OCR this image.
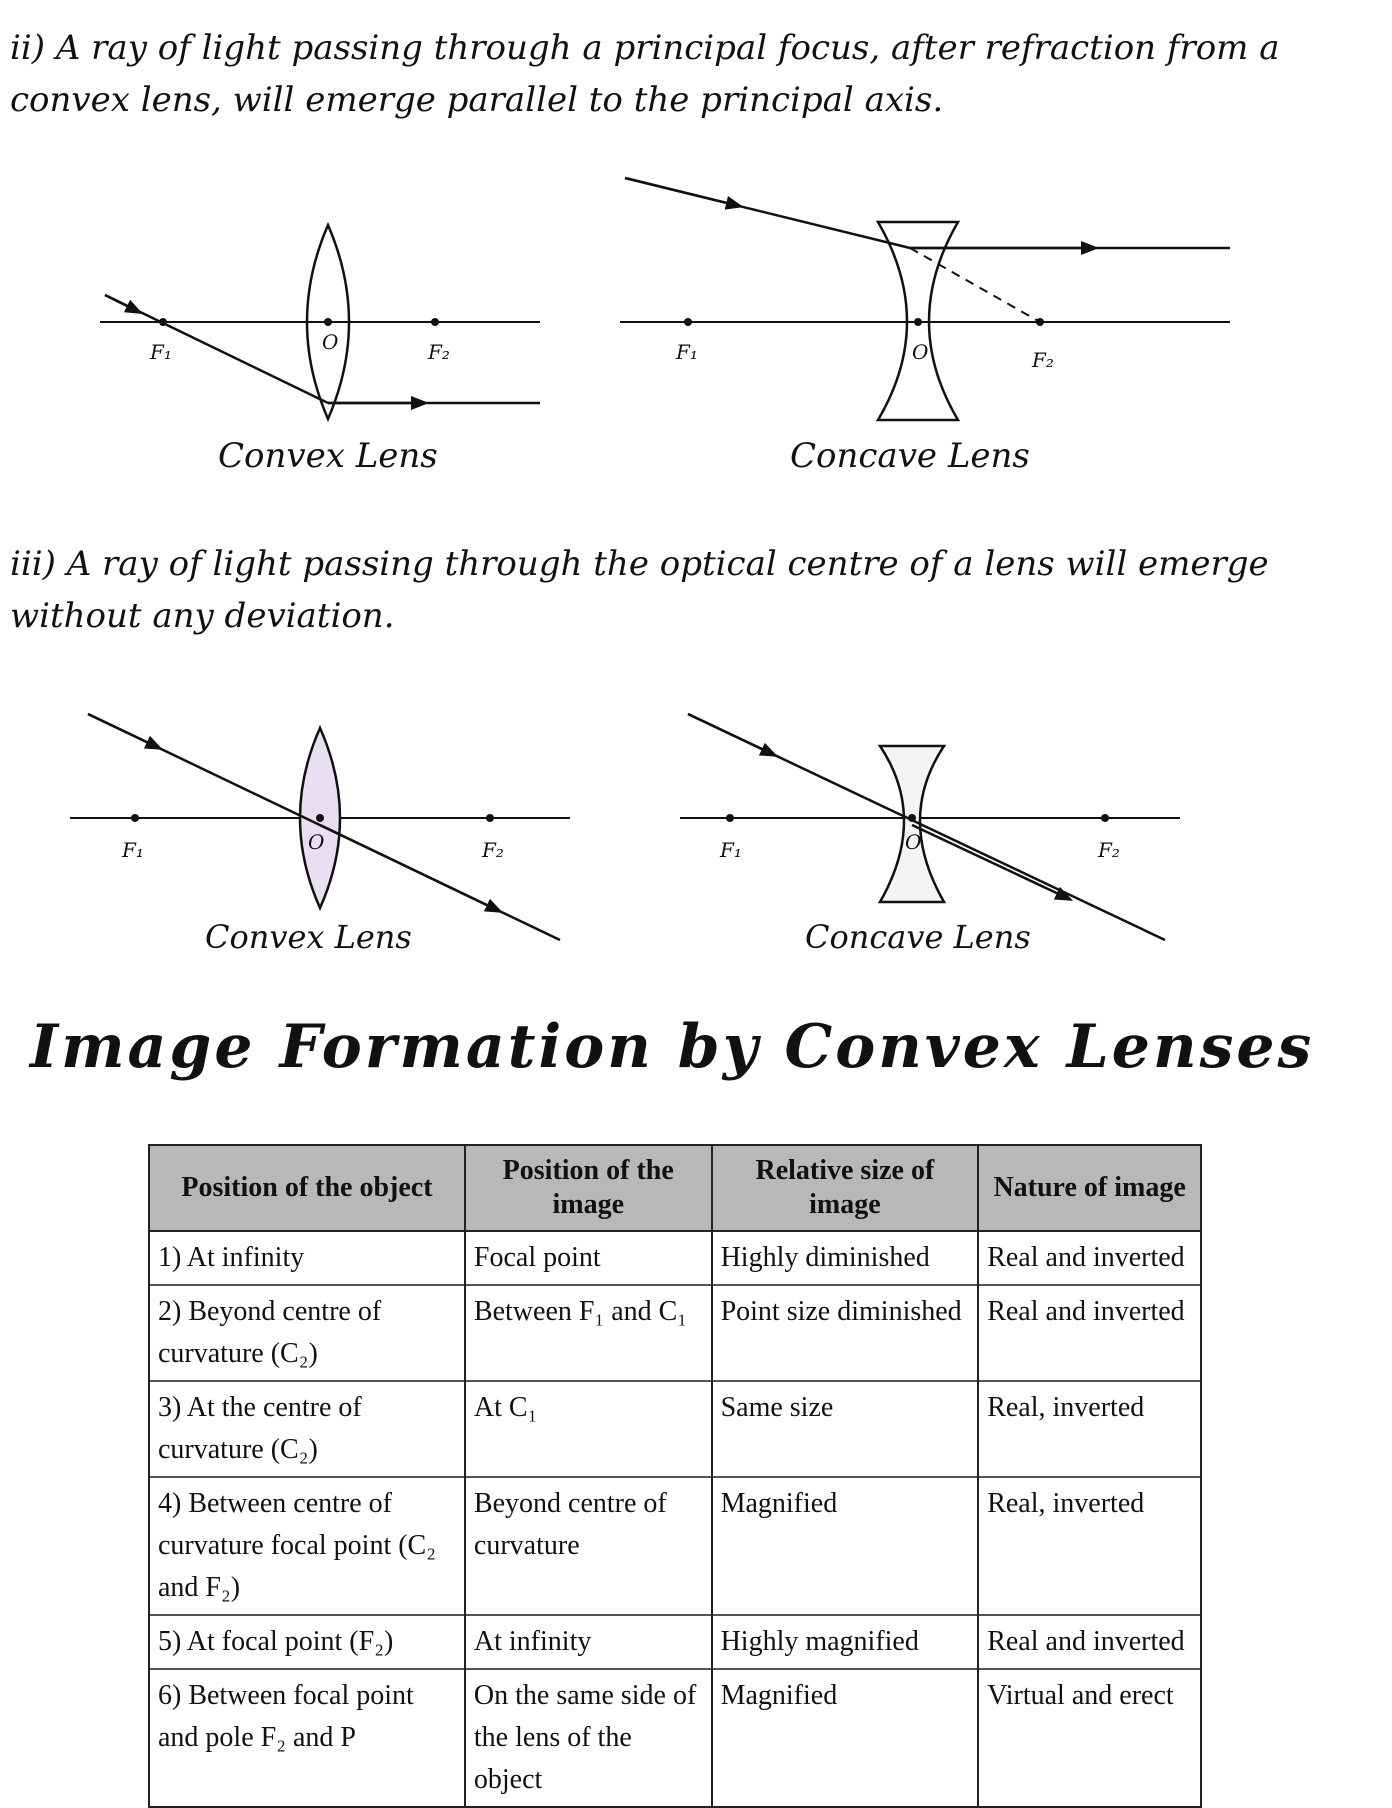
ii) A ray of light passing through a principal focus, after refraction from a convex lens, will emerge parallel to the principal axis.
F₁	O	F₂
Convex Lens
F₁	O	F₂
Concave Lens
iii) A ray of light passing through the optical centre of a lens will emerge without any deviation.
F₁	O	F₂
Convex Lens
F₁	O	F₂
Concave Lens
Image Formation by Convex Lenses
Position of the object	Position of the image	Relative size of image	Nature of image
1) At infinity	Focal point	Highly diminished	Real and inverted
2) Beyond centre of curvature (C₂)	Between F₁ and C₁	Point size diminished	Real and inverted
3) At the centre of curvature (C₂)	At C₁	Same size	Real, inverted
4) Between centre of curvature focal point (C₂ and F₂)	Beyond centre of curvature	Magnified	Real, inverted
5) At focal point (F₂)	At infinity	Highly magnified	Real and inverted
6) Between focal point and pole F₂ and P	On the same side of the lens of the object	Magnified	Virtual and erect
